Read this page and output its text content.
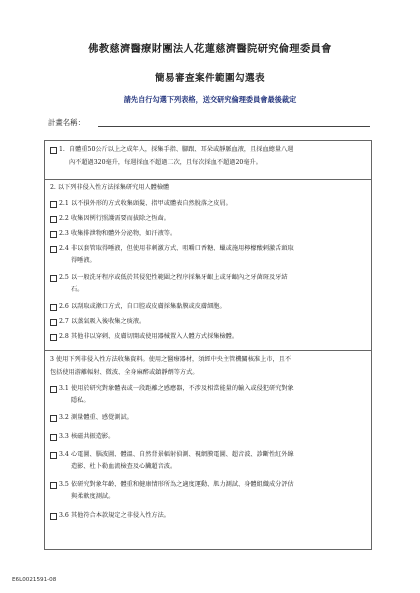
佛教慈濟醫療財團法人花蓮慈濟醫院研究倫理委員會
簡易審查案件範圍勾選表
請先自行勾選下列表格，送交研究倫理委員會最後裁定
計畫名稱：
1. 自體重50公斤以上之成年人，採集手指、腳跟、耳朵或靜脈血液，且採血總量八週
內不超過320毫升，每週採血不超過二次，且每次採血不超過20毫升。
2. 以下列非侵入性方法採集研究用人體檢體
2.1 以不損外形的方式收集頭髮、指甲或體表自然脫落之皮屑。
2.2 收集因例行照護需要而拔除之恆齒。
2.3 收集排泄物和體外分泌物，如汗液等。
2.4 非以套管取得唾液，但使用非刺激方式、咀嚼口香糖、蠟或施用檸檬酸刺激舌頭取
得唾液。
2.5 以一般洗牙程序或低於其侵犯性範圍之程序採集牙齦上或牙齦內之牙菌斑及牙結
石。
2.6 以刮取或漱口方式，自口腔或皮膚採集黏膜或皮膚細胞。
2.7 以蒸氣吸入後收集之痰液。
2.8 其他非以穿刺、皮膚切開或使用器械置入人體方式採集檢體。
3 使用下列非侵入性方法收集資料。使用之醫療器材，須經中央主管機關核准上市，且不
包括使用游離輻射、微波、全身麻醉或鎮靜劑等方式。
3.1 使用於研究對象體表或一段距離之感應器，不涉及相當能量的輸入或侵犯研究對象
隱私。
3.2 測量體重、感覺測試。
3.3 核磁共振造影。
3.4 心電圖、腦波圖、體溫、自然背景輻射偵測、視網膜電圖、超音波、診斷性紅外線
造影、杜卜勒血流檢查及心臟超音波。
3.5 依研究對象年齡、體重和健康情形所為之適度運動、肌力測試、身體組織成分評估
與柔軟度測試。
3.6 其他符合本款規定之非侵入性方法。
E6L0021591-08
